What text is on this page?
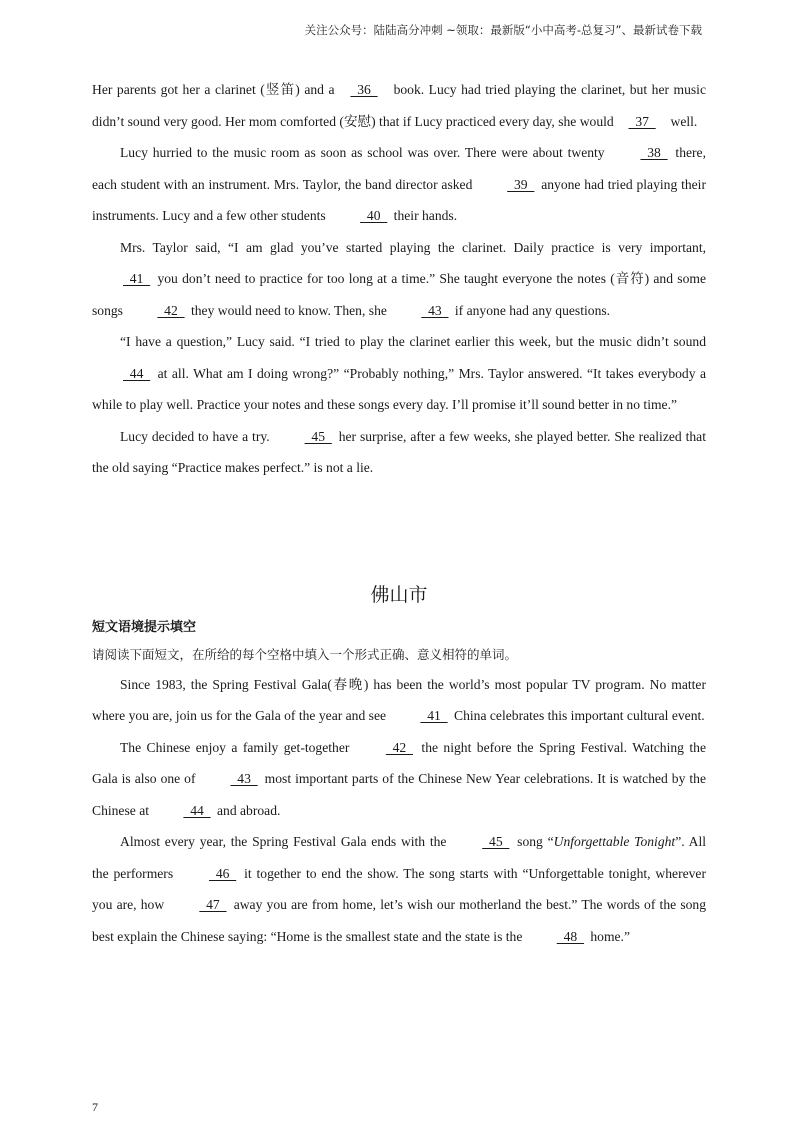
关注公众号：陆陆高分冲刺 ~领取：最新版“小中高考-总复习”、最新试卷下载

Her parents got her a clarinet (竖笛) and a   36   book. Lucy had tried playing the clarinet, but her music didn’t sound very good. Her mom comforted (安慰) that if Lucy practiced every day, she would   37   well.

Lucy hurried to the music room as soon as school was over. There were about twenty   38   there, each student with an instrument. Mrs. Taylor, the band director asked   39   anyone had tried playing their instruments. Lucy and a few other students   40   their hands.

Mrs. Taylor said, “I am glad you’ve started playing the clarinet. Daily practice is very important,   41   you don’t need to practice for too long at a time.” She taught everyone the notes (音符) and some songs   42   they would need to know. Then, she   43   if anyone had any questions.

“I have a question,” Lucy said. “I tried to play the clarinet earlier this week, but the music didn’t sound   44   at all. What am I doing wrong?” “Probably nothing,” Mrs. Taylor answered. “It takes everybody a while to play well. Practice your notes and these songs every day. I’ll promise it’ll sound better in no time.”

Lucy decided to have a try.   45   her surprise, after a few weeks, she played better. She realized that the old saying “Practice makes perfect.” is not a lie.

佛山市

短文语境提示填空

请阅读下面短文，在所给的每个空格中填入一个形式正确、意义相符的单词。

Since 1983, the Spring Festival Gala(春晚) has been the world’s most popular TV program. No matter where you are, join us for the Gala of the year and see   41   China celebrates this important cultural event.

The Chinese enjoy a family get-together   42   the night before the Spring Festival. Watching the Gala is also one of   43   most important parts of the Chinese New Year celebrations. It is watched by the Chinese at   44   and abroad.

Almost every year, the Spring Festival Gala ends with the   45   song “Unforgettable Tonight”. All the performers   46   it together to end the show. The song starts with “Unforgettable tonight, wherever you are, how   47   away you are from home, let’s wish our motherland the best.” The words of the song best explain the Chinese saying: “Home is the smallest state and the state is the   48   home.”

7
